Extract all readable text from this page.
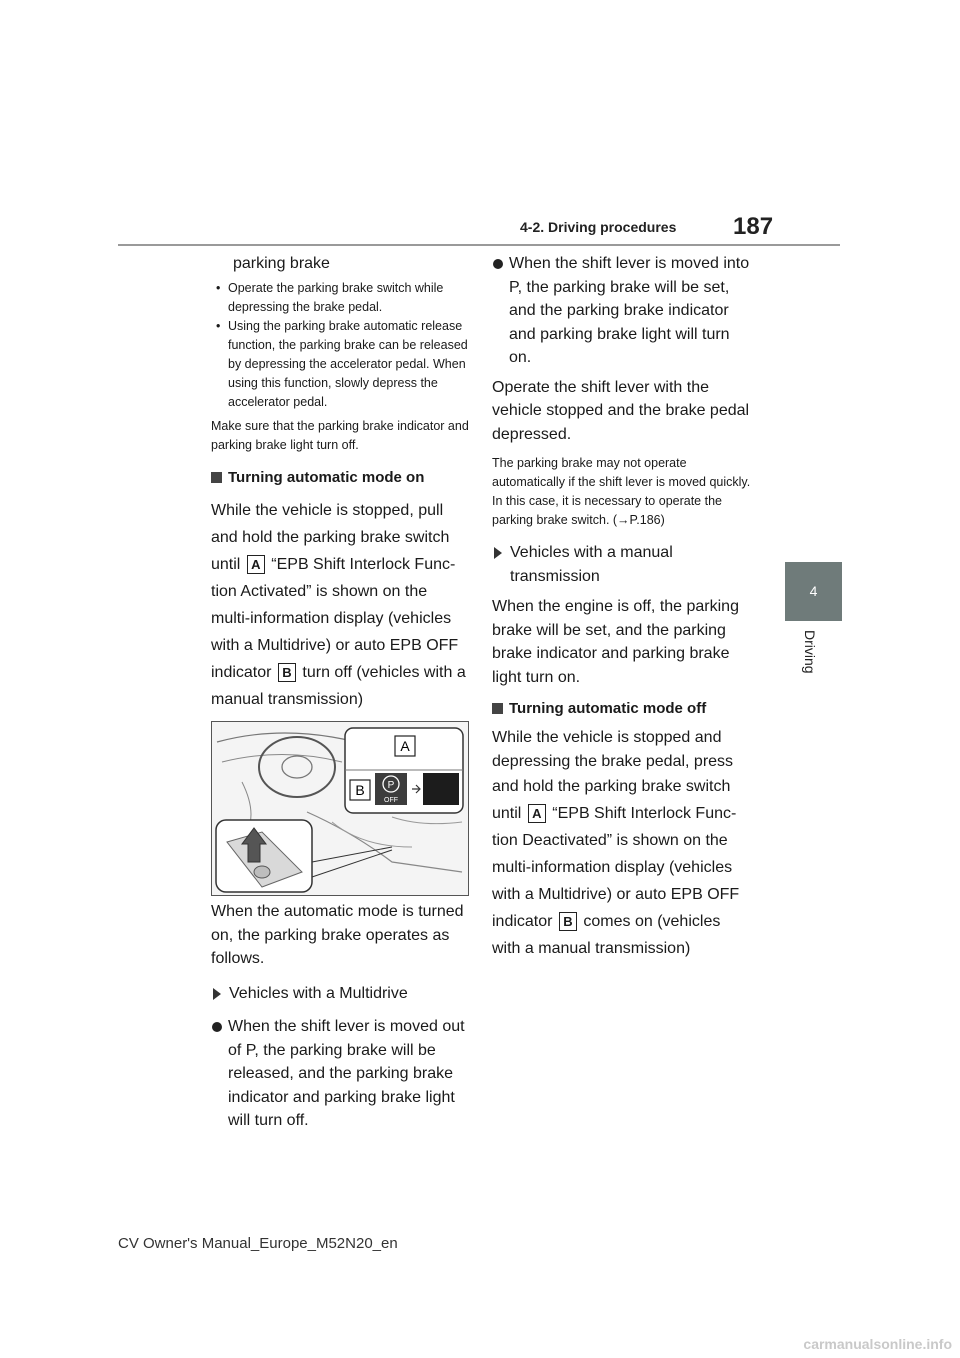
4-2. Driving procedures 187
4
Driving

parking brake

• Operate the parking brake switch while depressing the brake pedal.
• Using the parking brake automatic release function, the parking brake can be released by depressing the accelerator pedal. When using this function, slowly depress the accelerator pedal.

Make sure that the parking brake indicator and parking brake light turn off.

Turning automatic mode on
While the vehicle is stopped, pull
and hold the parking brake switch
until A “EPB Shift Interlock Func-
tion Activated” is shown on the
multi-information display (vehicles
with a Multidrive) or auto EPB OFF
indicator B turn off (vehicles with a
manual transmission)
A
B P
OFF

When the automatic mode is turned on, the parking brake operates as follows.

Vehicles with a Multidrive
When the shift lever is moved out of P, the parking brake will be released, and the parking brake indicator and parking brake light will turn off.
When the shift lever is moved into P, the parking brake will be set, and the parking brake indicator and parking brake light will turn on.

Operate the shift lever with the vehicle stopped and the brake pedal depressed.

The parking brake may not operate automatically if the shift lever is moved quickly.

In this case, it is necessary to operate the parking brake switch. (→P.186)

Vehicles with a manual transmission

When the engine is off, the parking brake will be set, and the parking brake indicator and parking brake light turn on.

Turning automatic mode off
While the vehicle is stopped and
depressing the brake pedal, press
and hold the parking brake switch
until A “EPB Shift Interlock Func-
tion Deactivated” is shown on the
multi-information display (vehicles
with a Multidrive) or auto EPB OFF
indicator B comes on (vehicles
with a manual transmission)
CV Owner's Manual_Europe_M52N20_en
carmanualsonline.info
